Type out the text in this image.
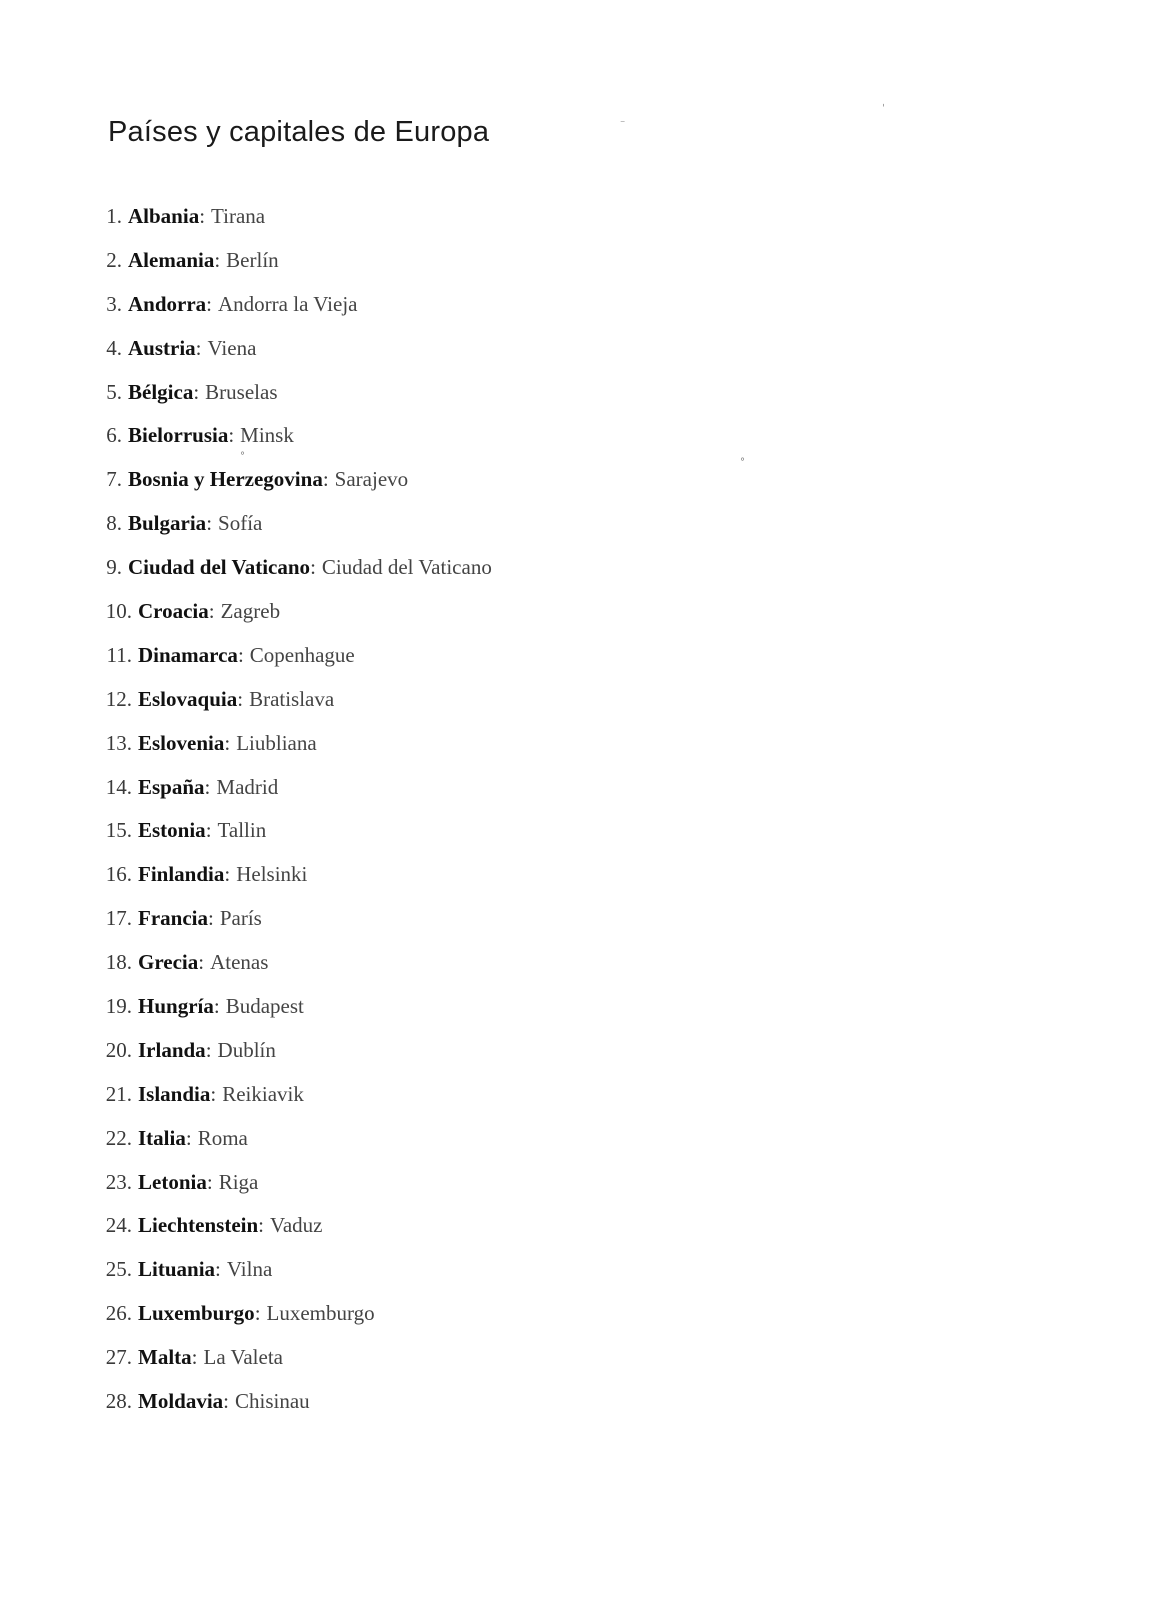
Países y capitales de Europa
1. Albania : Tirana
2. Alemania : Berlín
3. Andorra : Andorra la Vieja
4. Austria : Viena
5. Bélgica : Bruselas
6. Bielorrusia : Minsk
7. Bosnia y Herzegovina : Sarajevo
8. Bulgaria : Sofía
9. Ciudad del Vaticano : Ciudad del Vaticano
10. Croacia : Zagreb
11. Dinamarca : Copenhague
12. Eslovaquia : Bratislava
13. Eslovenia : Liubliana
14. España : Madrid
15. Estonia : Tallin
16. Finlandia : Helsinki
17. Francia : París
18. Grecia : Atenas
19. Hungría : Budapest
20. Irlanda : Dublín
21. Islandia : Reikiavik
22. Italia : Roma
23. Letonia : Riga
24. Liechtenstein : Vaduz
25. Lituania : Vilna
26. Luxemburgo : Luxemburgo
27. Malta : La Valeta
28. Moldavia : Chisinau
⁻
ˌ
°
°
